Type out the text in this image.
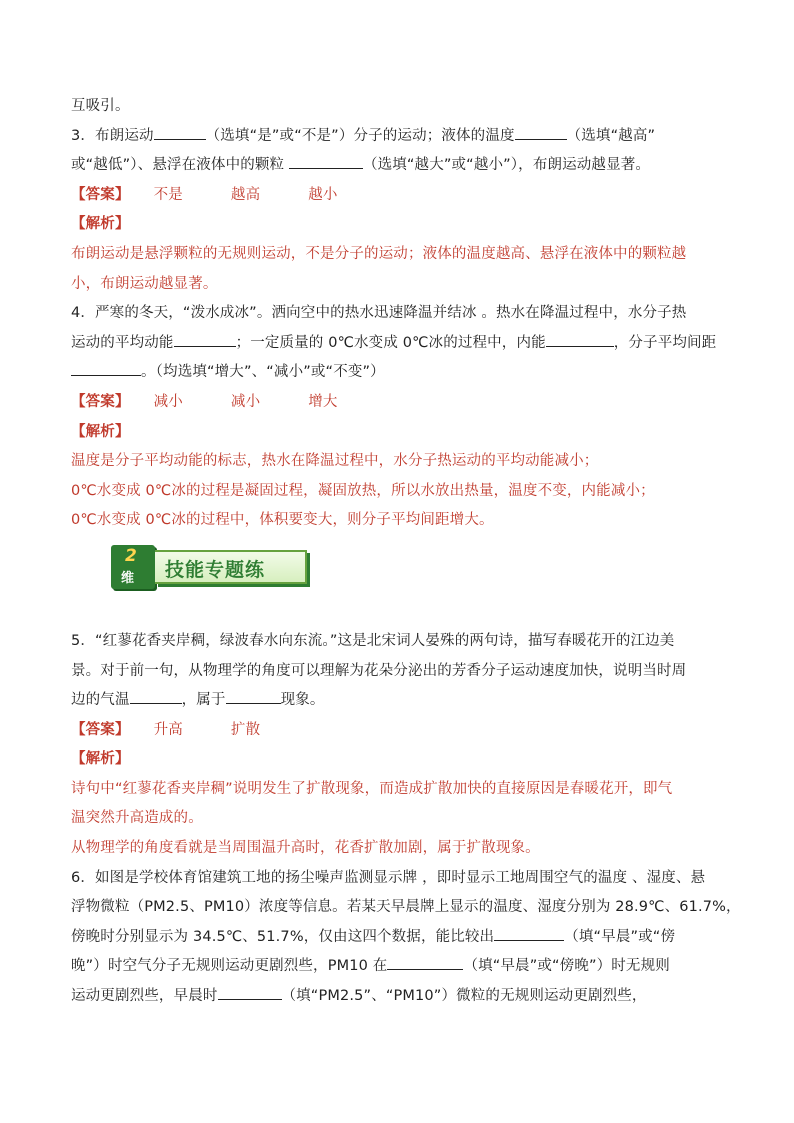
互吸引。
3．布朗运动	（选填“是”或“不是”）分子的运动；液体的温度	（选填“越高”
或“越低”）、悬浮在液体中的颗粒	（选填“越大”或“越小”），布朗运动越显著。
【答案】 不是	越高	越小
【解析】
布朗运动是悬浮颗粒的无规则运动，不是分子的运动；液体的温度越高、悬浮在液体中的颗粒越
小，布朗运动越显著。
4．严寒的冬天，“泼水成冰”。洒向空中的热水迅速降温并结冰 。热水在降温过程中，水分子热
运动的平均动能	；一定质量的 0℃水变成 0℃冰的过程中，内能	，分子平均间距
。（均选填“增大”、“减小”或“不变”）
【答案】 减小	减小	增大
【解析】
温度是分子平均动能的标志，热水在降温过程中，水分子热运动的平均动能减小；
0℃水变成 0℃冰的过程是凝固过程，凝固放热，所以水放出热量，温度不变，内能减小；
0℃水变成 0℃冰的过程中，体积要变大，则分子平均间距增大。
2
维 技能专题练
5．“红蓼花香夹岸稠，绿波春水向东流。”这是北宋词人晏殊的两句诗，描写春暖花开的江边美
景。对于前一句，从物理学的角度可以理解为花朵分泌出的芳香分子运动速度加快，说明当时周
边的气温	，属于	现象。
【答案】 升高	扩散
【解析】
诗句中“红蓼花香夹岸稠”说明发生了扩散现象，而造成扩散加快的直接原因是春暖花开，即气
温突然升高造成的。
从物理学的角度看就是当周围温升高时，花香扩散加剧，属于扩散现象。
6．如图是学校体育馆建筑工地的扬尘噪声监测显示牌 ，即时显示工地周围空气的温度 、湿度、悬
浮物微粒（PM2.5、PM10）浓度等信息。若某天早晨牌上显示的温度、湿度分别为 28.9℃、61.7%，
傍晚时分别显示为 34.5℃、51.7%，仅由这四个数据，能比较出	（填“早晨”或“傍
晚”）时空气分子无规则运动更剧烈些，PM10 在	（填“早晨”或“傍晚”）时无规则
运动更剧烈些，早晨时	（填“PM2.5”、“PM10”）微粒的无规则运动更剧烈些，
